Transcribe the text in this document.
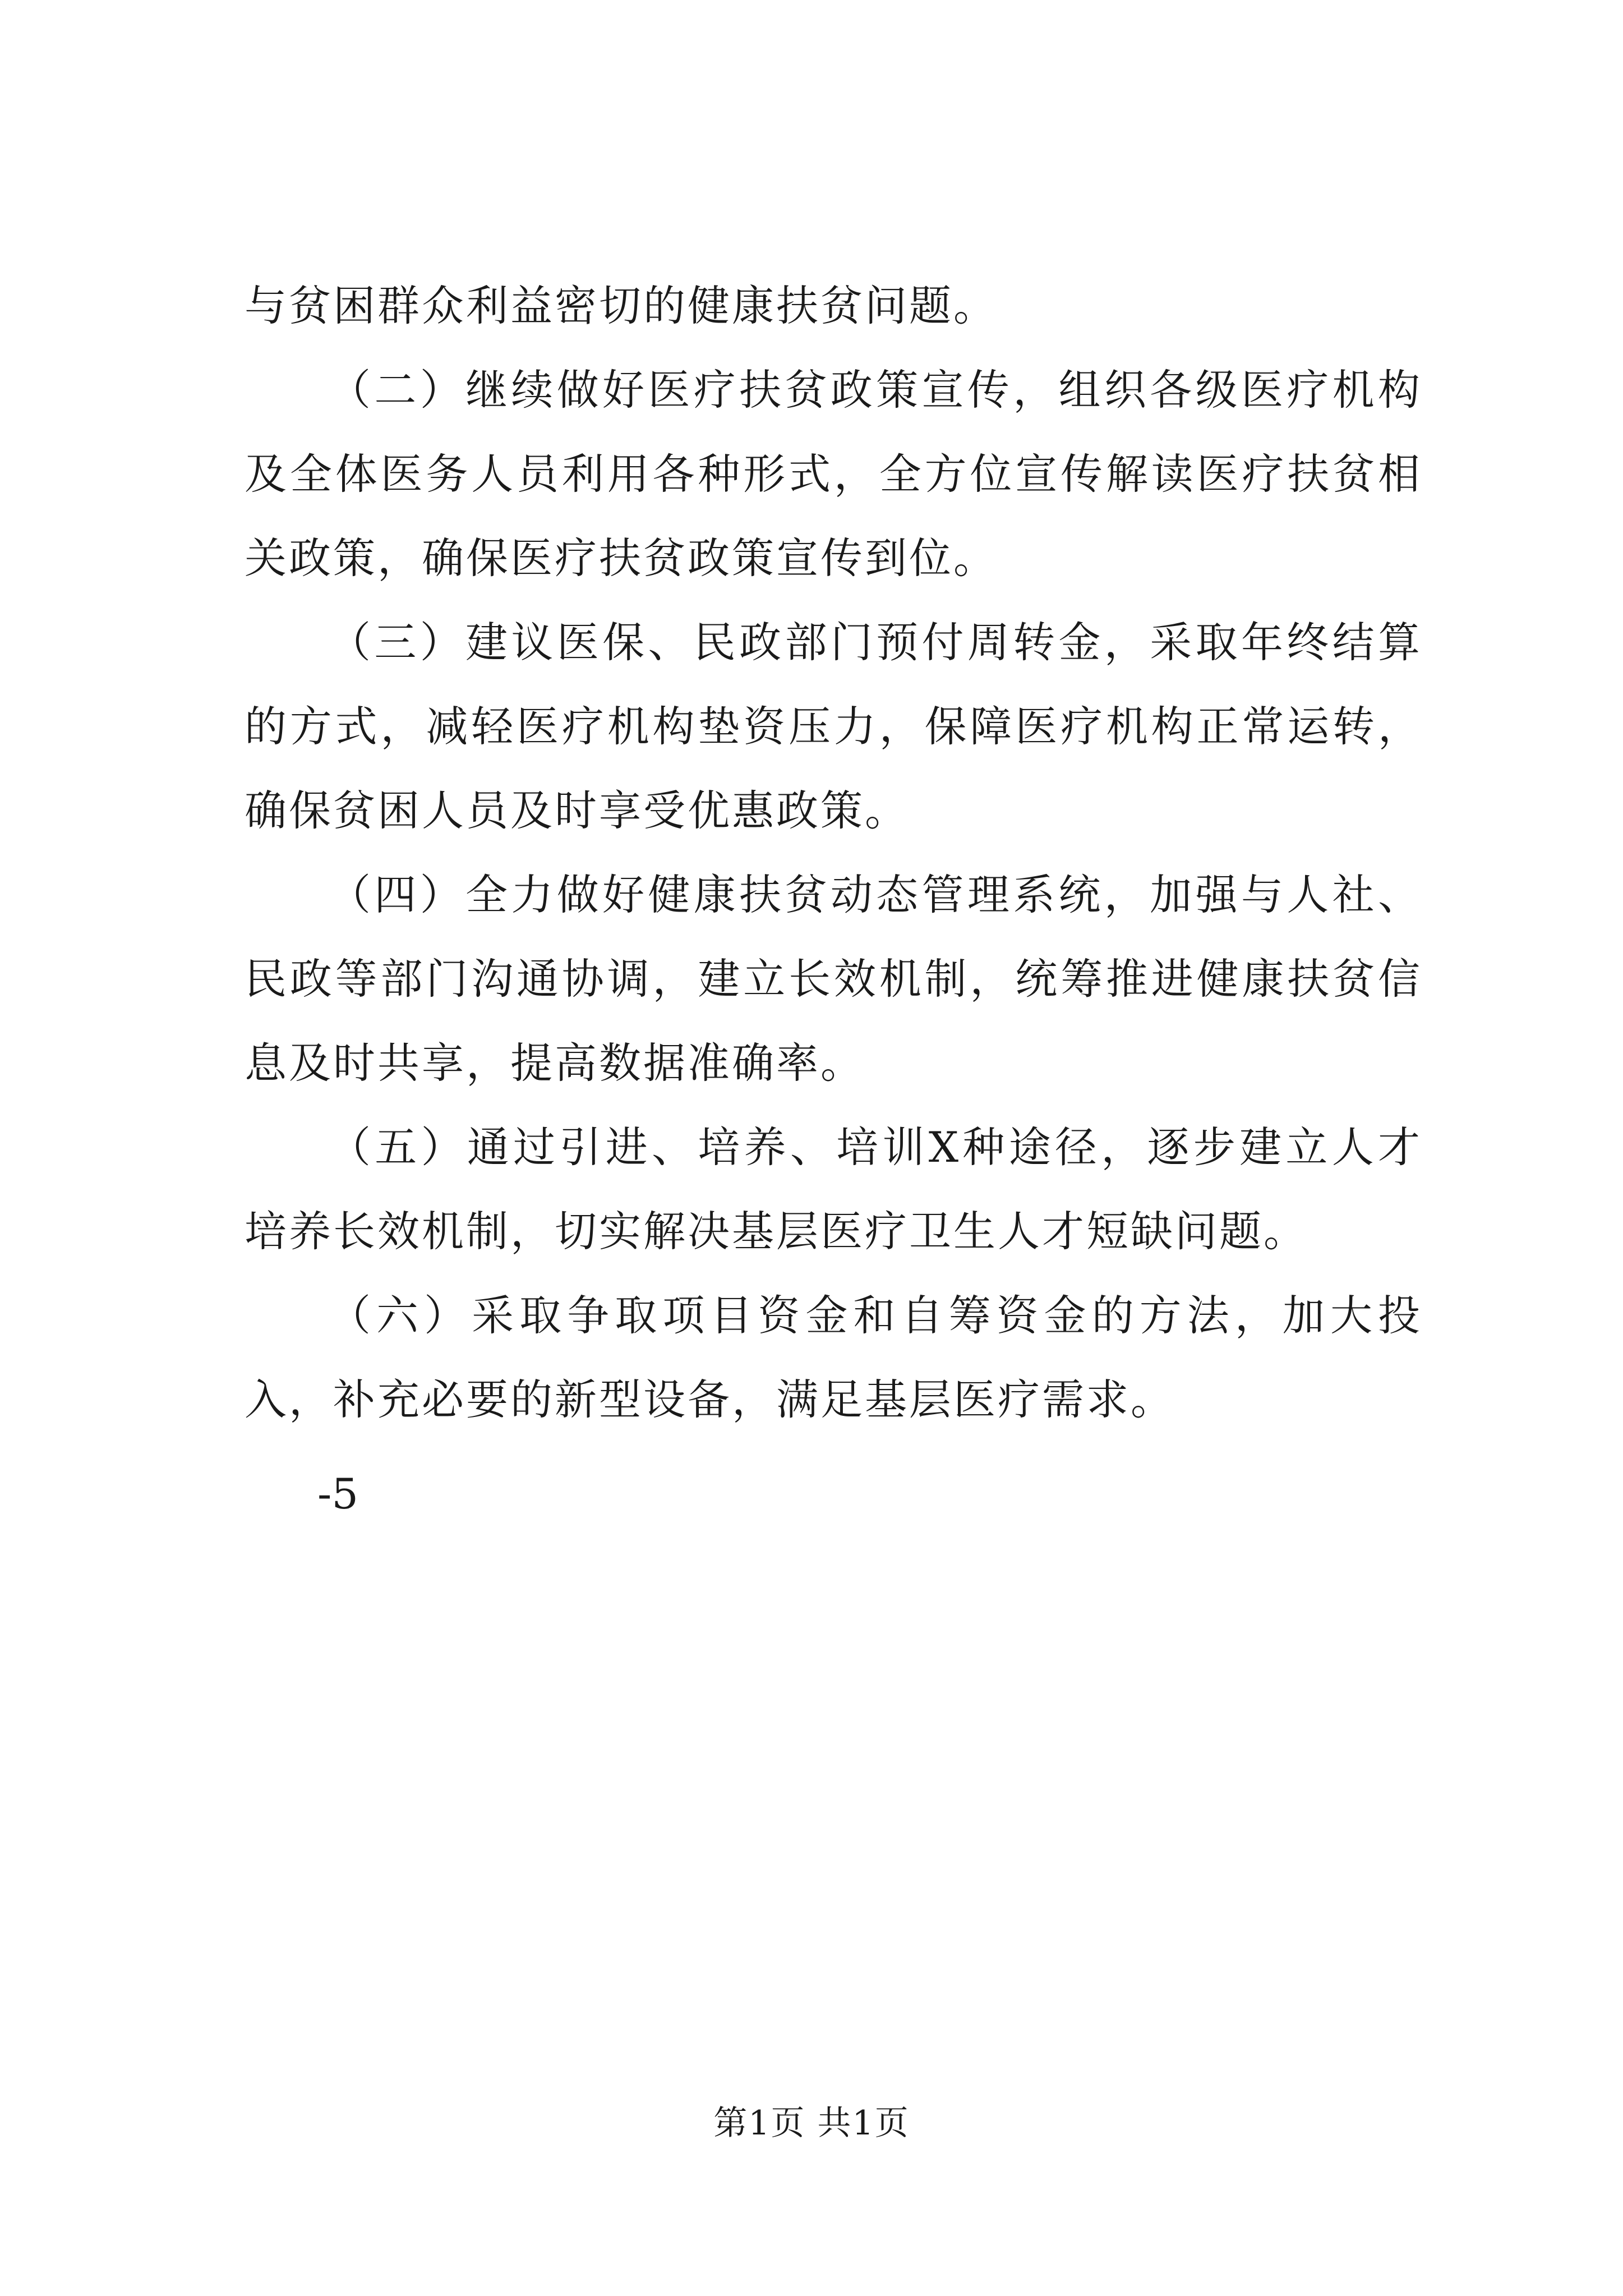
与贫困群众利益密切的健康扶贫问题。

（二）继续做好医疗扶贫政策宣传，组织各级医疗机构及全体医务人员利用各种形式，全方位宣传解读医疗扶贫相关政策，确保医疗扶贫政策宣传到位。

（三）建议医保、民政部门预付周转金，采取年终结算的方式，减轻医疗机构垫资压力，保障医疗机构正常运转，确保贫困人员及时享受优惠政策。

（四）全力做好健康扶贫动态管理系统，加强与人社、民政等部门沟通协调，建立长效机制，统筹推进健康扶贫信息及时共享，提高数据准确率。

（五）通过引进、培养、培训X种途径，逐步建立人才培养长效机制，切实解决基层医疗卫生人才短缺问题。

（六）采取争取项目资金和自筹资金的方法，加大投入，补充必要的新型设备，满足基层医疗需求。

-5
第1页 共1页
